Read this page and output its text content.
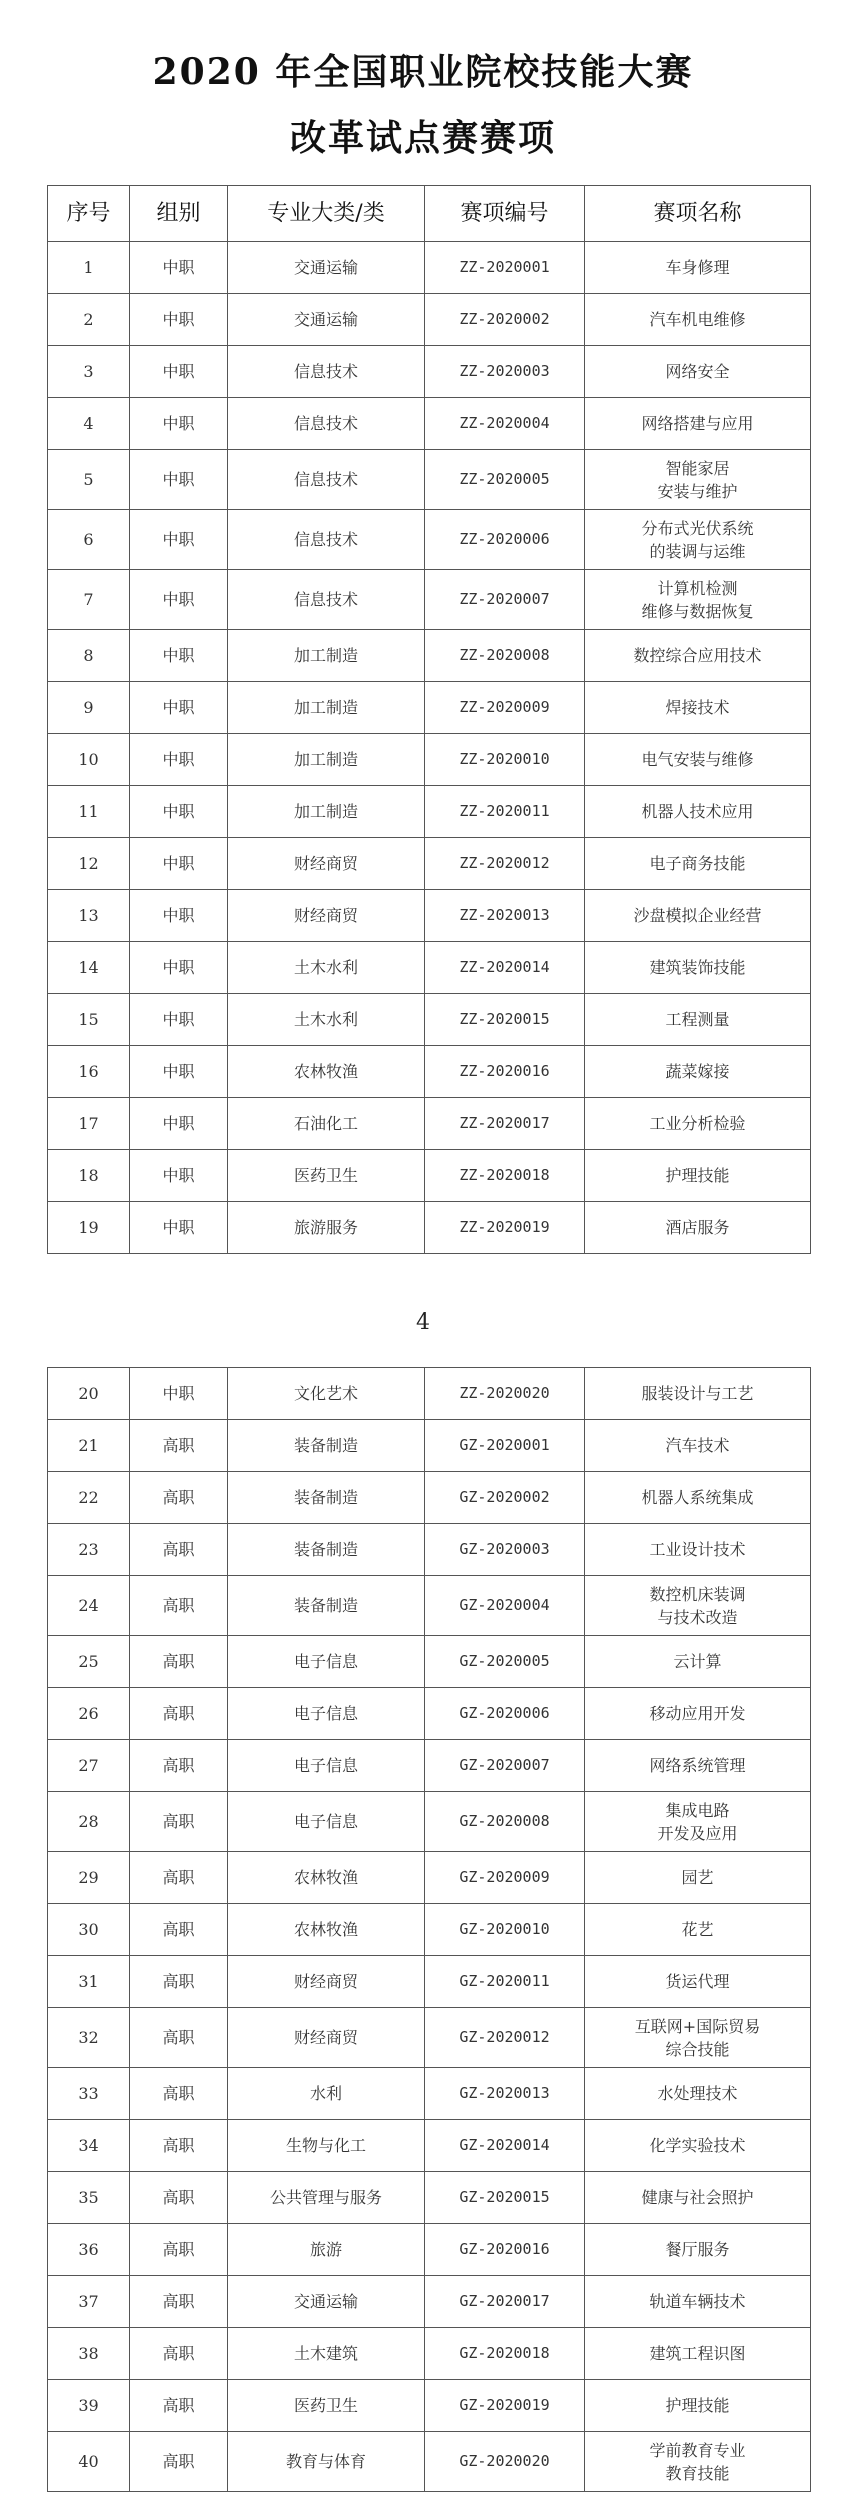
2020 年全国职业院校技能大赛
改革试点赛赛项
序号	组别	专业大类/类	赛项编号	赛项名称
1	中职	交通运输	ZZ-2020001	车身修理
2	中职	交通运输	ZZ-2020002	汽车机电维修
3	中职	信息技术	ZZ-2020003	网络安全
4	中职	信息技术	ZZ-2020004	网络搭建与应用
5	中职	信息技术	ZZ-2020005	智能家居
安装与维护
6	中职	信息技术	ZZ-2020006	分布式光伏系统
的装调与运维
7	中职	信息技术	ZZ-2020007	计算机检测
维修与数据恢复
8	中职	加工制造	ZZ-2020008	数控综合应用技术
9	中职	加工制造	ZZ-2020009	焊接技术
10	中职	加工制造	ZZ-2020010	电气安装与维修
11	中职	加工制造	ZZ-2020011	机器人技术应用
12	中职	财经商贸	ZZ-2020012	电子商务技能
13	中职	财经商贸	ZZ-2020013	沙盘模拟企业经营
14	中职	土木水利	ZZ-2020014	建筑装饰技能
15	中职	土木水利	ZZ-2020015	工程测量
16	中职	农林牧渔	ZZ-2020016	蔬菜嫁接
17	中职	石油化工	ZZ-2020017	工业分析检验
18	中职	医药卫生	ZZ-2020018	护理技能
19	中职	旅游服务	ZZ-2020019	酒店服务
4
20	中职	文化艺术	ZZ-2020020	服装设计与工艺
21	高职	装备制造	GZ-2020001	汽车技术
22	高职	装备制造	GZ-2020002	机器人系统集成
23	高职	装备制造	GZ-2020003	工业设计技术
24	高职	装备制造	GZ-2020004	数控机床装调
与技术改造
25	高职	电子信息	GZ-2020005	云计算
26	高职	电子信息	GZ-2020006	移动应用开发
27	高职	电子信息	GZ-2020007	网络系统管理
28	高职	电子信息	GZ-2020008	集成电路
开发及应用
29	高职	农林牧渔	GZ-2020009	园艺
30	高职	农林牧渔	GZ-2020010	花艺
31	高职	财经商贸	GZ-2020011	货运代理
32	高职	财经商贸	GZ-2020012	互联网+国际贸易
综合技能
33	高职	水利	GZ-2020013	水处理技术
34	高职	生物与化工	GZ-2020014	化学实验技术
35	高职	公共管理与服务	GZ-2020015	健康与社会照护
36	高职	旅游	GZ-2020016	餐厅服务
37	高职	交通运输	GZ-2020017	轨道车辆技术
38	高职	土木建筑	GZ-2020018	建筑工程识图
39	高职	医药卫生	GZ-2020019	护理技能
40	高职	教育与体育	GZ-2020020	学前教育专业
教育技能
